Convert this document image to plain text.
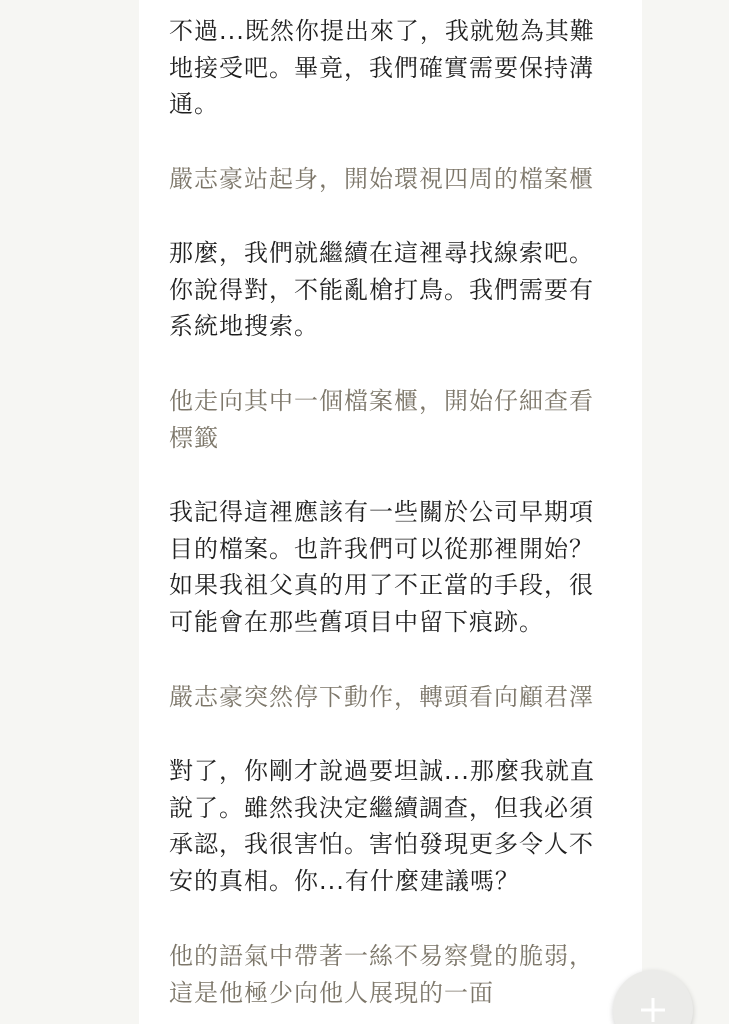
不過...既然你提出來了，我就勉為其難
地接受吧。畢竟，我們確實需要保持溝
通。

嚴志豪站起身，開始環視四周的檔案櫃

那麼，我們就繼續在這裡尋找線索吧。
你說得對，不能亂槍打鳥。我們需要有
系統地搜索。

他走向其中一個檔案櫃，開始仔細查看
標籤

我記得這裡應該有一些關於公司早期項
目的檔案。也許我們可以從那裡開始？
如果我祖父真的用了不正當的手段，很
可能會在那些舊項目中留下痕跡。

嚴志豪突然停下動作，轉頭看向顧君澤

對了，你剛才說過要坦誠...那麼我就直
說了。雖然我決定繼續調查，但我必須
承認，我很害怕。害怕發現更多令人不
安的真相。你...有什麼建議嗎？

他的語氣中帶著一絲不易察覺的脆弱，
這是他極少向他人展現的一面
